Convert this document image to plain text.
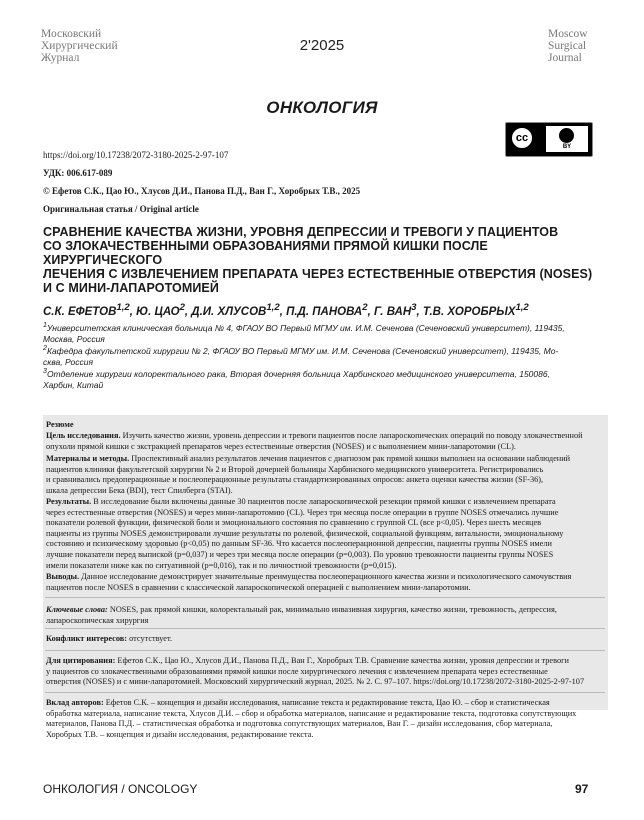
Московский
Хирургический
Журнал
2'2025
Moscow
Surgical
Journal
ОНКОЛОГИЯ
https://doi.org/10.17238/2072-3180-2025-2-97-107
УДК: 006.617-089
© Ефетов С.К., Цао Ю., Хлусов Д.И., Панова П.Д., Ван Г., Хоробрых Т.В., 2025
Оригинальная статья / Original article
cc
BY
СРАВНЕНИЕ КАЧЕСТВА ЖИЗНИ, УРОВНЯ ДЕПРЕССИИ И ТРЕВОГИ У ПАЦИЕНТОВ
СО ЗЛОКАЧЕСТВЕННЫМИ ОБРАЗОВАНИЯМИ ПРЯМОЙ КИШКИ ПОСЛЕ ХИРУРГИЧЕСКОГО
ЛЕЧЕНИЯ С ИЗВЛЕЧЕНИЕМ ПРЕПАРАТА ЧЕРЕЗ ЕСТЕСТВЕННЫЕ ОТВЕРСТИЯ (NOSES)
И С МИНИ-ЛАПАРОТОМИЕЙ
С.К. ЕФЕТОВ$^{1,2}$, Ю. ЦАО$^2$, Д.И. ХЛУСОВ$^{1,2}$, П.Д. ПАНОВА$^2$, Г. ВАН$^3$, Т.В. ХОРОБРЫХ$^{1,2}$
$^1$Университетская клиническая больница № 4, ФГАОУ ВО Первый МГМУ им. И.М. Сеченова (Сеченовский университет), 119435,
Москва, Россия
$^2$Кафедра факультетской хирургии № 2, ФГАОУ ВО Первый МГМУ им. И.М. Сеченова (Сеченовский университет), 119435, Мо-
сква, Россия
$^3$Отделение хирургии колоректального рака, Вторая дочерняя больница Харбинского медицинского университета, 150086,
Харбин, Китай
Резюме
Цель исследования. Изучить качество жизни, уровень депрессии и тревоги пациентов после лапароскопических операций по поводу злокачественной
опухоли прямой кишки с экстракцией препаратов через естественные отверстия (NOSES) и с выполнением мини-лапаротомии (CL).
Материалы и методы. Проспективный анализ результатов лечения пациентов с диагнозом рак прямой кишки выполнен на основании наблюдений
пациентов клиники факультетской хирургии № 2 и Второй дочерней больницы Харбинского медицинского университета. Регистрировались
и сравнивались предоперационные и послеоперационные результаты стандартизированных опросов: анкета оценки качества жизни (SF-36),
шкала депрессии Бека (BDI), тест Спилберга (STAI).
Результаты. В исследование были включены данные 30 пациентов после лапароскопической резекции прямой кишки с извлечением препарата
через естественные отверстия (NOSES) и через мини-лапаротомию (CL). Через три месяца после операции в группе NOSES отмечались лучшие
показатели ролевой функции, физической боли и эмоционального состояния по сравнению с группой CL (все p<0,05). Через шесть месяцев
пациенты из группы NOSES демонстрировали лучшие результаты по ролевой, физической, социальной функциям, витальности, эмоциональному
состоянию и психическому здоровью (p<0,05) по данным SF-36. Что касается послеоперационной депрессии, пациенты группы NOSES имели
лучшие показатели перед выпиской (p=0,037) и через три месяца после операции (p=0,003). По уровню тревожности пациенты группы NOSES
имели показатели ниже как по ситуативной (p=0,016), так и по личностной тревожности (p=0,015).
Выводы. Данное исследование демонстрирует значительные преимущества послеоперационного качества жизни и психологического самочувствия
пациентов после NOSES в сравнении с классической лапароскопической операцией с выполнением мини-лапаротомии.
Ключевые слова: NOSES, рак прямой кишки, колоректальный рак, минимально инвазивная хирургия, качество жизни, тревожность, депрессия,
лапароскопическая хирургия
Конфликт интересов: отсутствует.
Для цитирования: Ефетов С.К., Цао Ю., Хлусов Д.И., Панова П.Д., Ван Г., Хоробрых Т.В. Сравнение качества жизни, уровня депрессии и тревоги
у пациентов со злокачественными образованиями прямой кишки после хирургического лечения с извлечением препарата через естественные
отверстия (NOSES) и с мини-лапаротомией. Московский хирургический журнал, 2025. № 2. С. 97–107. https://doi.org/10.17238/2072-3180-2025-2-97-107
Вклад авторов: Ефетов С.К. – концепция и дизайн исследования, написание текста и редактирование текста, Цао Ю. – сбор и статистическая
обработка материала, написание текста, Хлусов Д.И. – сбор и обработка материалов, написание и редактирование текста, подготовка сопутствующих
материалов, Панова П.Д. – статистическая обработка и подготовка сопутствующих материалов, Ван Г. – дизайн исследования, сбор материала,
Хоробрых Т.В. – концепция и дизайн исследования, редактирование текста.
ОНКОЛОГИЯ / ONCOLOGY	97
